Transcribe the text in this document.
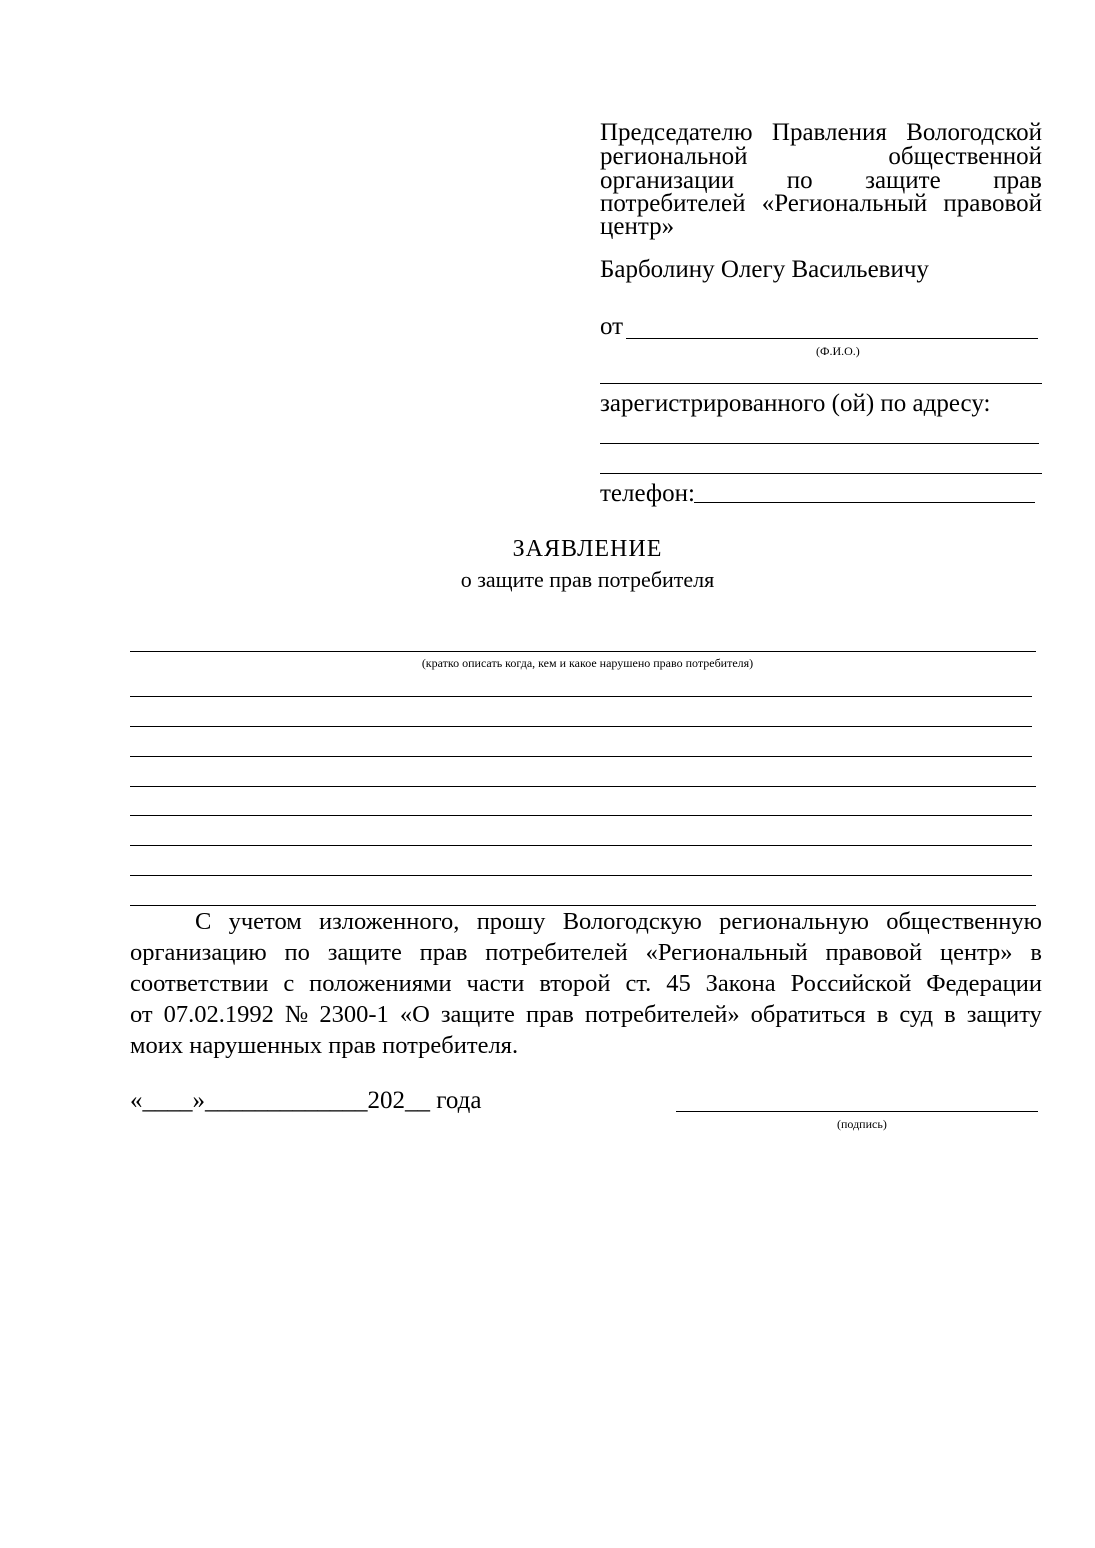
Председателю Правления Вологодской
региональной	общественной
организации по защите прав
потребителей «Региональный правовой
центр»
Барболину Олегу Васильевичу
от
(Ф.И.О.)
зарегистрированного (ой) по адресу:
телефон:
ЗАЯВЛЕНИЕ
о защите прав потребителя
(кратко описать когда, кем и какое нарушено право потребителя)
С учетом изложенного, прошу Вологодскую региональную общественную
организацию по защите прав потребителей «Региональный правовой центр» в
соответствии с положениями части второй ст. 45 Закона Российской Федерации
от 07.02.1992 № 2300-1 «О защите прав потребителей» обратиться в суд в защиту
моих нарушенных прав потребителя.
«____»_____________202__ года
(подпись)
